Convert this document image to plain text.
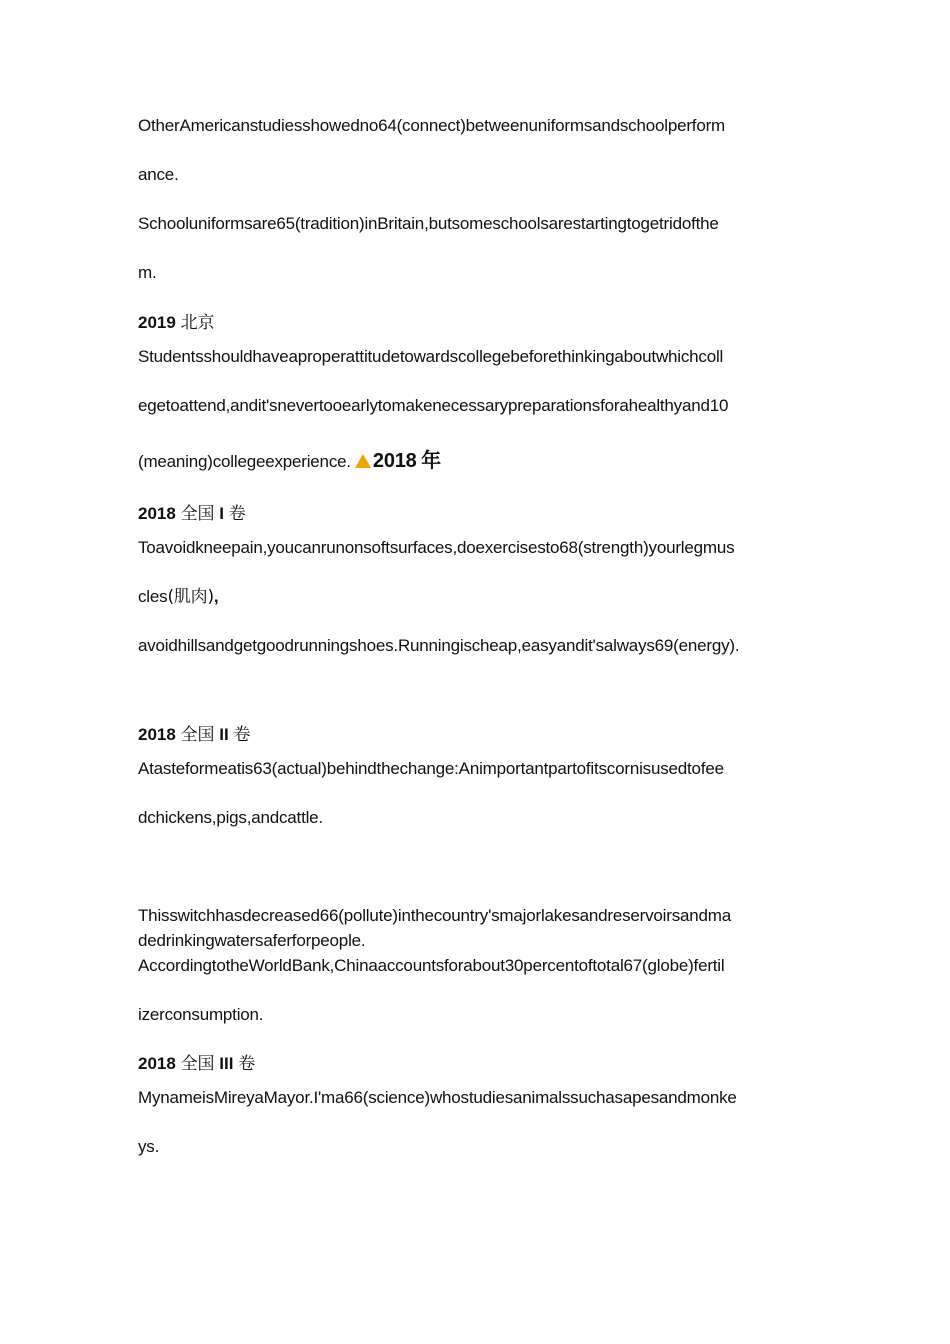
OtherAmericanstudiesshowedno64(connect)betweenuniformsandschoolperform
ance.
Schooluniformsare65(tradition)inBritain,butsomeschoolsarestartingtogetridofthe
m.
2019 北京
Studentsshouldhaveaproperattitudetowardscollegebeforethinkingaboutwhichcoll
egetoattend,andit'snevertooearlytomakenecessarypreparationsforahealthyand10
(meaning)collegeexperience. 2018 年
2018 全国 I 卷
Toavoidkneepain,youcanrunonsoftsurfaces,doexercisesto68(strength)yourlegmus
cles(肌肉),
avoidhillsandgetgoodrunningshoes.Runningischeap,easyandit'salways69(energy).
2018 全国 II 卷
Atasteformeatis63(actual)behindthechange:Animportantpartofitscornisusedtofee
dchickens,pigs,andcattle.
Thisswitchhasdecreased66(pollute)inthecountry'smajorlakesandreservoirsandma
dedrinkingwatersaferforpeople.
AccordingtotheWorldBank,Chinaaccountsforabout30percentoftotal67(globe)fertil
izerconsumption.
2018 全国 III 卷
MynameisMireyaMayor.I'ma66(science)whostudiesanimalssuchasapesandmonke
ys.
